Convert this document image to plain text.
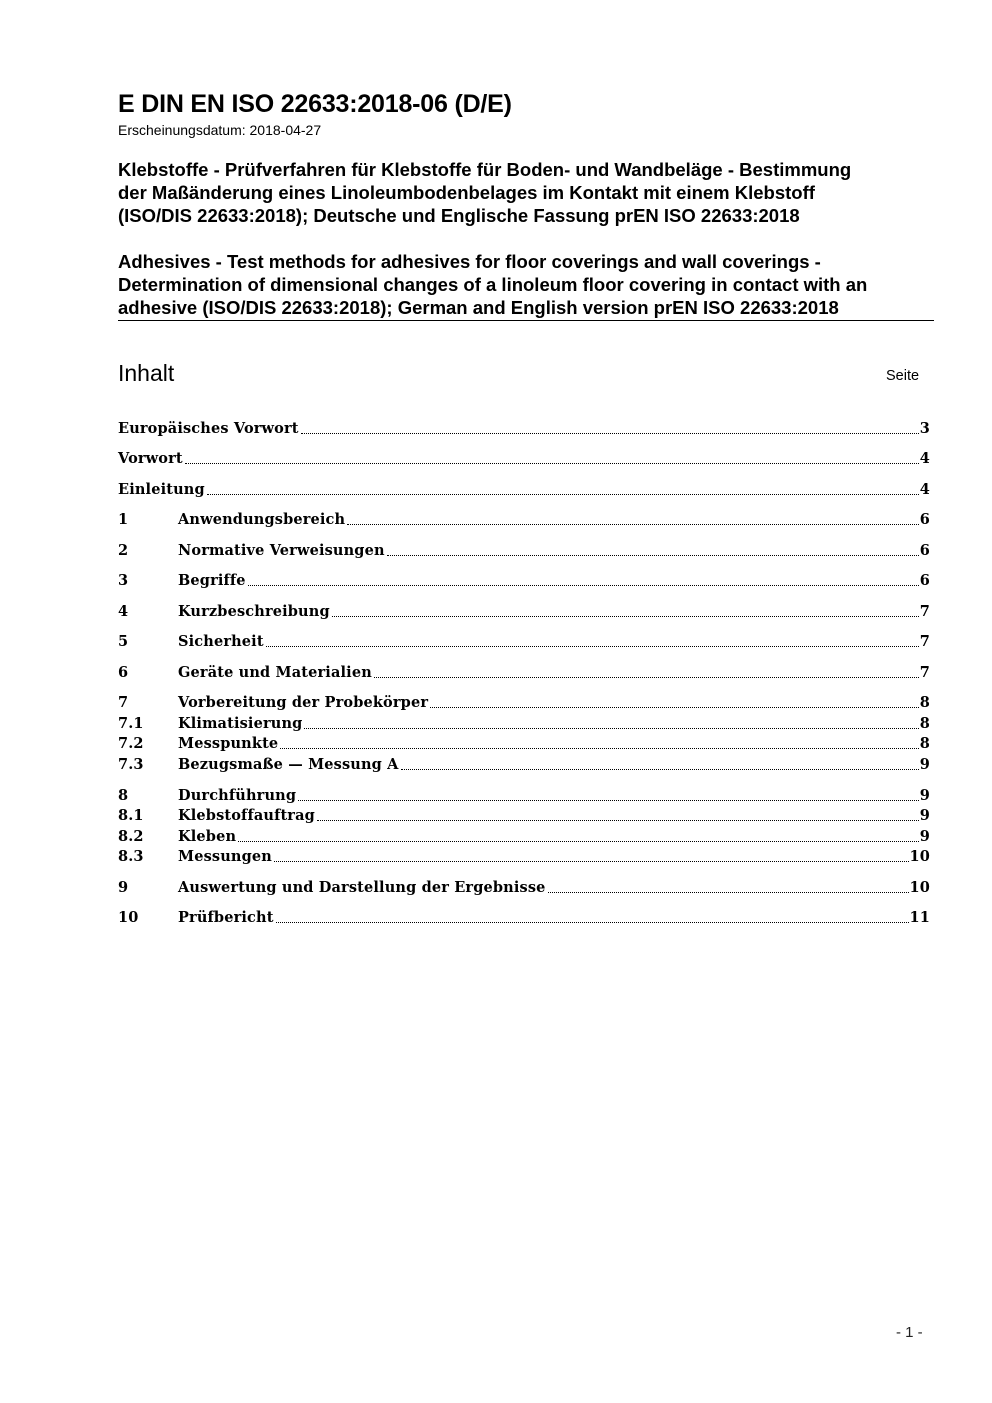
E DIN EN ISO 22633:2018-06 (D/E)
Erscheinungsdatum: 2018-04-27
Klebstoffe - Prüfverfahren für Klebstoffe für Boden- und Wandbeläge - Bestimmung
der Maßänderung eines Linoleumbodenbelages im Kontakt mit einem Klebstoff
(ISO/DIS 22633:2018); Deutsche und Englische Fassung prEN ISO 22633:2018
Adhesives - Test methods for adhesives for floor coverings and wall coverings -
Determination of dimensional changes of a linoleum floor covering in contact with an
adhesive (ISO/DIS 22633:2018); German and English version prEN ISO 22633:2018
Inhalt	Seite
Europäisches Vorwort	3
Vorwort	4
Einleitung	4
1	Anwendungsbereich	6
2	Normative Verweisungen	6
3	Begriffe	6
4	Kurzbeschreibung	7
5	Sicherheit	7
6	Geräte und Materialien	7
7	Vorbereitung der Probekörper	8
7.1	Klimatisierung	8
7.2	Messpunkte	8
7.3	Bezugsmaße — Messung A	9
8	Durchführung	9
8.1	Klebstoffauftrag	9
8.2	Kleben	9
8.3	Messungen	10
9	Auswertung und Darstellung der Ergebnisse	10
10	Prüfbericht	11
- 1 -
